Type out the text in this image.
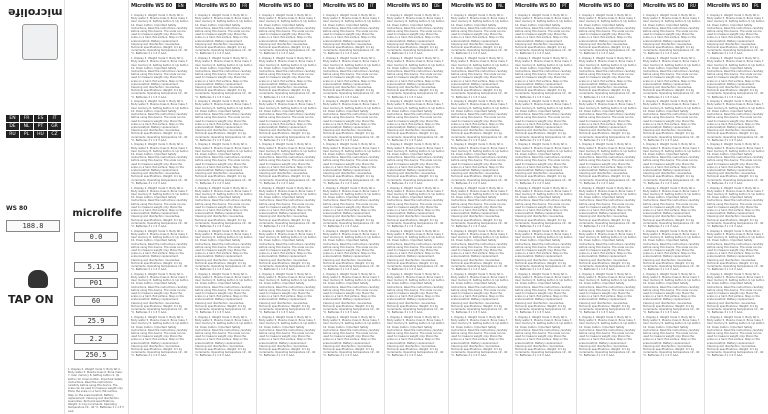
microlife
EN	FR	ES	IT
DE	NL	PT	GR
RU	PL	HU	CZ
WS 80
188.8
TAP ON
microlife
0.0
5.15
P01
60
25.9
2.2
250.5

1. Display 2. Weight mode 3. Body fat 4. Body water 5. Muscle mass 6. Bone mass 7. User memory 8. Setting button 9. Up button 10. Down button. Important Safety Instructions. Read the instructions carefully before using this device. The scale can be used to measure weight only. Place the scale on a hard, flat surface. Step on the scale barefoot. Battery replacement. Cleaning and disinfection. Guarantee. Technical specifications. Weight: 0.1 kg increments. Operating temperature 10 - 40 °C. Batteries 3 x 1.5 V AAA.

Microlife WS 80	EN

1. Display 2. Weight mode 3. Body fat 4. Body water 5. Muscle mass 6. Bone mass 7. User memory 8. Setting button 9. Up button 10. Down button. Important Safety Instructions. Read the instructions carefully before using this device. The scale can be used to measure weight only. Place the scale on a hard, flat surface. Step on the scale barefoot. Battery replacement. Cleaning and disinfection. Guarantee. Technical specifications. Weight: 0.1 kg increments. Operating temperature 10 - 40 °C. Batteries 3 x 1.5 V AAA.

1. Display 2. Weight mode 3. Body fat 4. Body water 5. Muscle mass 6. Bone mass 7. User memory 8. Setting button 9. Up button 10. Down button. Important Safety Instructions. Read the instructions carefully before using this device. The scale can be used to measure weight only. Place the scale on a hard, flat surface. Step on the scale barefoot. Battery replacement. Cleaning and disinfection. Guarantee. Technical specifications. Weight: 0.1 kg increments. Operating temperature 10 - 40 °C. Batteries 3 x 1.5 V AAA.

1. Display 2. Weight mode 3. Body fat 4. Body water 5. Muscle mass 6. Bone mass 7. User memory 8. Setting button 9. Up button 10. Down button. Important Safety Instructions. Read the instructions carefully before using this device. The scale can be used to measure weight only. Place the scale on a hard, flat surface. Step on the scale barefoot. Battery replacement. Cleaning and disinfection. Guarantee. Technical specifications. Weight: 0.1 kg increments. Operating temperature 10 - 40 °C. Batteries 3 x 1.5 V AAA.

1. Display 2. Weight mode 3. Body fat 4. Body water 5. Muscle mass 6. Bone mass 7. User memory 8. Setting button 9. Up button 10. Down button. Important Safety Instructions. Read the instructions carefully before using this device. The scale can be used to measure weight only. Place the scale on a hard, flat surface. Step on the scale barefoot. Battery replacement. Cleaning and disinfection. Guarantee. Technical specifications. Weight: 0.1 kg increments. Operating temperature 10 - 40 °C. Batteries 3 x 1.5 V AAA.

1. Display 2. Weight mode 3. Body fat 4. Body water 5. Muscle mass 6. Bone mass 7. User memory 8. Setting button 9. Up button 10. Down button. Important Safety Instructions. Read the instructions carefully before using this device. The scale can be used to measure weight only. Place the scale on a hard, flat surface. Step on the scale barefoot. Battery replacement. Cleaning and disinfection. Guarantee. Technical specifications. Weight: 0.1 kg increments. Operating temperature 10 - 40 °C. Batteries 3 x 1.5 V AAA.

1. Display 2. Weight mode 3. Body fat 4. Body water 5. Muscle mass 6. Bone mass 7. User memory 8. Setting button 9. Up button 10. Down button. Important Safety Instructions. Read the instructions carefully before using this device. The scale can be used to measure weight only. Place the scale on a hard, flat surface. Step on the scale barefoot. Battery replacement. Cleaning and disinfection. Guarantee. Technical specifications. Weight: 0.1 kg increments. Operating temperature 10 - 40 °C. Batteries 3 x 1.5 V AAA.

1. Display 2. Weight mode 3. Body fat 4. Body water 5. Muscle mass 6. Bone mass 7. User memory 8. Setting button 9. Up button 10. Down button. Important Safety Instructions. Read the instructions carefully before using this device. The scale can be used to measure weight only. Place the scale on a hard, flat surface. Step on the scale barefoot. Battery replacement. Cleaning and disinfection. Guarantee. Technical specifications. Weight: 0.1 kg increments. Operating temperature 10 - 40 °C. Batteries 3 x 1.5 V AAA.

1. Display 2. Weight mode 3. Body fat 4. Body water 5. Muscle mass 6. Bone mass 7. User memory 8. Setting button 9. Up button 10. Down button. Important Safety Instructions. Read the instructions carefully before using this device. The scale can be used to measure weight only. Place the scale on a hard, flat surface. Step on the scale barefoot. Battery replacement. Cleaning and disinfection. Guarantee. Technical specifications. Weight: 0.1 kg increments. Operating temperature 10 - 40 °C. Batteries 3 x 1.5 V AAA.

Microlife WS 80	FR

1. Display 2. Weight mode 3. Body fat 4. Body water 5. Muscle mass 6. Bone mass 7. User memory 8. Setting button 9. Up button 10. Down button. Important Safety Instructions. Read the instructions carefully before using this device. The scale can be used to measure weight only. Place the scale on a hard, flat surface. Step on the scale barefoot. Battery replacement. Cleaning and disinfection. Guarantee. Technical specifications. Weight: 0.1 kg increments. Operating temperature 10 - 40 °C. Batteries 3 x 1.5 V AAA.

1. Display 2. Weight mode 3. Body fat 4. Body water 5. Muscle mass 6. Bone mass 7. User memory 8. Setting button 9. Up button 10. Down button. Important Safety Instructions. Read the instructions carefully before using this device. The scale can be used to measure weight only. Place the scale on a hard, flat surface. Step on the scale barefoot. Battery replacement. Cleaning and disinfection. Guarantee. Technical specifications. Weight: 0.1 kg increments. Operating temperature 10 - 40 °C. Batteries 3 x 1.5 V AAA.

1. Display 2. Weight mode 3. Body fat 4. Body water 5. Muscle mass 6. Bone mass 7. User memory 8. Setting button 9. Up button 10. Down button. Important Safety Instructions. Read the instructions carefully before using this device. The scale can be used to measure weight only. Place the scale on a hard, flat surface. Step on the scale barefoot. Battery replacement. Cleaning and disinfection. Guarantee. Technical specifications. Weight: 0.1 kg increments. Operating temperature 10 - 40 °C. Batteries 3 x 1.5 V AAA.

1. Display 2. Weight mode 3. Body fat 4. Body water 5. Muscle mass 6. Bone mass 7. User memory 8. Setting button 9. Up button 10. Down button. Important Safety Instructions. Read the instructions carefully before using this device. The scale can be used to measure weight only. Place the scale on a hard, flat surface. Step on the scale barefoot. Battery replacement. Cleaning and disinfection. Guarantee. Technical specifications. Weight: 0.1 kg increments. Operating temperature 10 - 40 °C. Batteries 3 x 1.5 V AAA.

1. Display 2. Weight mode 3. Body fat 4. Body water 5. Muscle mass 6. Bone mass 7. User memory 8. Setting button 9. Up button 10. Down button. Important Safety Instructions. Read the instructions carefully before using this device. The scale can be used to measure weight only. Place the scale on a hard, flat surface. Step on the scale barefoot. Battery replacement. Cleaning and disinfection. Guarantee. Technical specifications. Weight: 0.1 kg increments. Operating temperature 10 - 40 °C. Batteries 3 x 1.5 V AAA.

1. Display 2. Weight mode 3. Body fat 4. Body water 5. Muscle mass 6. Bone mass 7. User memory 8. Setting button 9. Up button 10. Down button. Important Safety Instructions. Read the instructions carefully before using this device. The scale can be used to measure weight only. Place the scale on a hard, flat surface. Step on the scale barefoot. Battery replacement. Cleaning and disinfection. Guarantee. Technical specifications. Weight: 0.1 kg increments. Operating temperature 10 - 40 °C. Batteries 3 x 1.5 V AAA.

1. Display 2. Weight mode 3. Body fat 4. Body water 5. Muscle mass 6. Bone mass 7. User memory 8. Setting button 9. Up button 10. Down button. Important Safety Instructions. Read the instructions carefully before using this device. The scale can be used to measure weight only. Place the scale on a hard, flat surface. Step on the scale barefoot. Battery replacement. Cleaning and disinfection. Guarantee. Technical specifications. Weight: 0.1 kg increments. Operating temperature 10 - 40 °C. Batteries 3 x 1.5 V AAA.

1. Display 2. Weight mode 3. Body fat 4. Body water 5. Muscle mass 6. Bone mass 7. User memory 8. Setting button 9. Up button 10. Down button. Important Safety Instructions. Read the instructions carefully before using this device. The scale can be used to measure weight only. Place the scale on a hard, flat surface. Step on the scale barefoot. Battery replacement. Cleaning and disinfection. Guarantee. Technical specifications. Weight: 0.1 kg increments. Operating temperature 10 - 40 °C. Batteries 3 x 1.5 V AAA.

Microlife WS 80	ES

1. Display 2. Weight mode 3. Body fat 4. Body water 5. Muscle mass 6. Bone mass 7. User memory 8. Setting button 9. Up button 10. Down button. Important Safety Instructions. Read the instructions carefully before using this device. The scale can be used to measure weight only. Place the scale on a hard, flat surface. Step on the scale barefoot. Battery replacement. Cleaning and disinfection. Guarantee. Technical specifications. Weight: 0.1 kg increments. Operating temperature 10 - 40 °C. Batteries 3 x 1.5 V AAA.

1. Display 2. Weight mode 3. Body fat 4. Body water 5. Muscle mass 6. Bone mass 7. User memory 8. Setting button 9. Up button 10. Down button. Important Safety Instructions. Read the instructions carefully before using this device. The scale can be used to measure weight only. Place the scale on a hard, flat surface. Step on the scale barefoot. Battery replacement. Cleaning and disinfection. Guarantee. Technical specifications. Weight: 0.1 kg increments. Operating temperature 10 - 40 °C. Batteries 3 x 1.5 V AAA.

1. Display 2. Weight mode 3. Body fat 4. Body water 5. Muscle mass 6. Bone mass 7. User memory 8. Setting button 9. Up button 10. Down button. Important Safety Instructions. Read the instructions carefully before using this device. The scale can be used to measure weight only. Place the scale on a hard, flat surface. Step on the scale barefoot. Battery replacement. Cleaning and disinfection. Guarantee. Technical specifications. Weight: 0.1 kg increments. Operating temperature 10 - 40 °C. Batteries 3 x 1.5 V AAA.

1. Display 2. Weight mode 3. Body fat 4. Body water 5. Muscle mass 6. Bone mass 7. User memory 8. Setting button 9. Up button 10. Down button. Important Safety Instructions. Read the instructions carefully before using this device. The scale can be used to measure weight only. Place the scale on a hard, flat surface. Step on the scale barefoot. Battery replacement. Cleaning and disinfection. Guarantee. Technical specifications. Weight: 0.1 kg increments. Operating temperature 10 - 40 °C. Batteries 3 x 1.5 V AAA.

1. Display 2. Weight mode 3. Body fat 4. Body water 5. Muscle mass 6. Bone mass 7. User memory 8. Setting button 9. Up button 10. Down button. Important Safety Instructions. Read the instructions carefully before using this device. The scale can be used to measure weight only. Place the scale on a hard, flat surface. Step on the scale barefoot. Battery replacement. Cleaning and disinfection. Guarantee. Technical specifications. Weight: 0.1 kg increments. Operating temperature 10 - 40 °C. Batteries 3 x 1.5 V AAA.

1. Display 2. Weight mode 3. Body fat 4. Body water 5. Muscle mass 6. Bone mass 7. User memory 8. Setting button 9. Up button 10. Down button. Important Safety Instructions. Read the instructions carefully before using this device. The scale can be used to measure weight only. Place the scale on a hard, flat surface. Step on the scale barefoot. Battery replacement. Cleaning and disinfection. Guarantee. Technical specifications. Weight: 0.1 kg increments. Operating temperature 10 - 40 °C. Batteries 3 x 1.5 V AAA.

1. Display 2. Weight mode 3. Body fat 4. Body water 5. Muscle mass 6. Bone mass 7. User memory 8. Setting button 9. Up button 10. Down button. Important Safety Instructions. Read the instructions carefully before using this device. The scale can be used to measure weight only. Place the scale on a hard, flat surface. Step on the scale barefoot. Battery replacement. Cleaning and disinfection. Guarantee. Technical specifications. Weight: 0.1 kg increments. Operating temperature 10 - 40 °C. Batteries 3 x 1.5 V AAA.

1. Display 2. Weight mode 3. Body fat 4. Body water 5. Muscle mass 6. Bone mass 7. User memory 8. Setting button 9. Up button 10. Down button. Important Safety Instructions. Read the instructions carefully before using this device. The scale can be used to measure weight only. Place the scale on a hard, flat surface. Step on the scale barefoot. Battery replacement. Cleaning and disinfection. Guarantee. Technical specifications. Weight: 0.1 kg increments. Operating temperature 10 - 40 °C. Batteries 3 x 1.5 V AAA.

Microlife WS 80	IT

1. Display 2. Weight mode 3. Body fat 4. Body water 5. Muscle mass 6. Bone mass 7. User memory 8. Setting button 9. Up button 10. Down button. Important Safety Instructions. Read the instructions carefully before using this device. The scale can be used to measure weight only. Place the scale on a hard, flat surface. Step on the scale barefoot. Battery replacement. Cleaning and disinfection. Guarantee. Technical specifications. Weight: 0.1 kg increments. Operating temperature 10 - 40 °C. Batteries 3 x 1.5 V AAA.

1. Display 2. Weight mode 3. Body fat 4. Body water 5. Muscle mass 6. Bone mass 7. User memory 8. Setting button 9. Up button 10. Down button. Important Safety Instructions. Read the instructions carefully before using this device. The scale can be used to measure weight only. Place the scale on a hard, flat surface. Step on the scale barefoot. Battery replacement. Cleaning and disinfection. Guarantee. Technical specifications. Weight: 0.1 kg increments. Operating temperature 10 - 40 °C. Batteries 3 x 1.5 V AAA.

1. Display 2. Weight mode 3. Body fat 4. Body water 5. Muscle mass 6. Bone mass 7. User memory 8. Setting button 9. Up button 10. Down button. Important Safety Instructions. Read the instructions carefully before using this device. The scale can be used to measure weight only. Place the scale on a hard, flat surface. Step on the scale barefoot. Battery replacement. Cleaning and disinfection. Guarantee. Technical specifications. Weight: 0.1 kg increments. Operating temperature 10 - 40 °C. Batteries 3 x 1.5 V AAA.

1. Display 2. Weight mode 3. Body fat 4. Body water 5. Muscle mass 6. Bone mass 7. User memory 8. Setting button 9. Up button 10. Down button. Important Safety Instructions. Read the instructions carefully before using this device. The scale can be used to measure weight only. Place the scale on a hard, flat surface. Step on the scale barefoot. Battery replacement. Cleaning and disinfection. Guarantee. Technical specifications. Weight: 0.1 kg increments. Operating temperature 10 - 40 °C. Batteries 3 x 1.5 V AAA.

1. Display 2. Weight mode 3. Body fat 4. Body water 5. Muscle mass 6. Bone mass 7. User memory 8. Setting button 9. Up button 10. Down button. Important Safety Instructions. Read the instructions carefully before using this device. The scale can be used to measure weight only. Place the scale on a hard, flat surface. Step on the scale barefoot. Battery replacement. Cleaning and disinfection. Guarantee. Technical specifications. Weight: 0.1 kg increments. Operating temperature 10 - 40 °C. Batteries 3 x 1.5 V AAA.

1. Display 2. Weight mode 3. Body fat 4. Body water 5. Muscle mass 6. Bone mass 7. User memory 8. Setting button 9. Up button 10. Down button. Important Safety Instructions. Read the instructions carefully before using this device. The scale can be used to measure weight only. Place the scale on a hard, flat surface. Step on the scale barefoot. Battery replacement. Cleaning and disinfection. Guarantee. Technical specifications. Weight: 0.1 kg increments. Operating temperature 10 - 40 °C. Batteries 3 x 1.5 V AAA.

1. Display 2. Weight mode 3. Body fat 4. Body water 5. Muscle mass 6. Bone mass 7. User memory 8. Setting button 9. Up button 10. Down button. Important Safety Instructions. Read the instructions carefully before using this device. The scale can be used to measure weight only. Place the scale on a hard, flat surface. Step on the scale barefoot. Battery replacement. Cleaning and disinfection. Guarantee. Technical specifications. Weight: 0.1 kg increments. Operating temperature 10 - 40 °C. Batteries 3 x 1.5 V AAA.

1. Display 2. Weight mode 3. Body fat 4. Body water 5. Muscle mass 6. Bone mass 7. User memory 8. Setting button 9. Up button 10. Down button. Important Safety Instructions. Read the instructions carefully before using this device. The scale can be used to measure weight only. Place the scale on a hard, flat surface. Step on the scale barefoot. Battery replacement. Cleaning and disinfection. Guarantee. Technical specifications. Weight: 0.1 kg increments. Operating temperature 10 - 40 °C. Batteries 3 x 1.5 V AAA.

Microlife WS 80	DE

1. Display 2. Weight mode 3. Body fat 4. Body water 5. Muscle mass 6. Bone mass 7. User memory 8. Setting button 9. Up button 10. Down button. Important Safety Instructions. Read the instructions carefully before using this device. The scale can be used to measure weight only. Place the scale on a hard, flat surface. Step on the scale barefoot. Battery replacement. Cleaning and disinfection. Guarantee. Technical specifications. Weight: 0.1 kg increments. Operating temperature 10 - 40 °C. Batteries 3 x 1.5 V AAA.

1. Display 2. Weight mode 3. Body fat 4. Body water 5. Muscle mass 6. Bone mass 7. User memory 8. Setting button 9. Up button 10. Down button. Important Safety Instructions. Read the instructions carefully before using this device. The scale can be used to measure weight only. Place the scale on a hard, flat surface. Step on the scale barefoot. Battery replacement. Cleaning and disinfection. Guarantee. Technical specifications. Weight: 0.1 kg increments. Operating temperature 10 - 40 °C. Batteries 3 x 1.5 V AAA.

1. Display 2. Weight mode 3. Body fat 4. Body water 5. Muscle mass 6. Bone mass 7. User memory 8. Setting button 9. Up button 10. Down button. Important Safety Instructions. Read the instructions carefully before using this device. The scale can be used to measure weight only. Place the scale on a hard, flat surface. Step on the scale barefoot. Battery replacement. Cleaning and disinfection. Guarantee. Technical specifications. Weight: 0.1 kg increments. Operating temperature 10 - 40 °C. Batteries 3 x 1.5 V AAA.

1. Display 2. Weight mode 3. Body fat 4. Body water 5. Muscle mass 6. Bone mass 7. User memory 8. Setting button 9. Up button 10. Down button. Important Safety Instructions. Read the instructions carefully before using this device. The scale can be used to measure weight only. Place the scale on a hard, flat surface. Step on the scale barefoot. Battery replacement. Cleaning and disinfection. Guarantee. Technical specifications. Weight: 0.1 kg increments. Operating temperature 10 - 40 °C. Batteries 3 x 1.5 V AAA.

1. Display 2. Weight mode 3. Body fat 4. Body water 5. Muscle mass 6. Bone mass 7. User memory 8. Setting button 9. Up button 10. Down button. Important Safety Instructions. Read the instructions carefully before using this device. The scale can be used to measure weight only. Place the scale on a hard, flat surface. Step on the scale barefoot. Battery replacement. Cleaning and disinfection. Guarantee. Technical specifications. Weight: 0.1 kg increments. Operating temperature 10 - 40 °C. Batteries 3 x 1.5 V AAA.

1. Display 2. Weight mode 3. Body fat 4. Body water 5. Muscle mass 6. Bone mass 7. User memory 8. Setting button 9. Up button 10. Down button. Important Safety Instructions. Read the instructions carefully before using this device. The scale can be used to measure weight only. Place the scale on a hard, flat surface. Step on the scale barefoot. Battery replacement. Cleaning and disinfection. Guarantee. Technical specifications. Weight: 0.1 kg increments. Operating temperature 10 - 40 °C. Batteries 3 x 1.5 V AAA.

1. Display 2. Weight mode 3. Body fat 4. Body water 5. Muscle mass 6. Bone mass 7. User memory 8. Setting button 9. Up button 10. Down button. Important Safety Instructions. Read the instructions carefully before using this device. The scale can be used to measure weight only. Place the scale on a hard, flat surface. Step on the scale barefoot. Battery replacement. Cleaning and disinfection. Guarantee. Technical specifications. Weight: 0.1 kg increments. Operating temperature 10 - 40 °C. Batteries 3 x 1.5 V AAA.

1. Display 2. Weight mode 3. Body fat 4. Body water 5. Muscle mass 6. Bone mass 7. User memory 8. Setting button 9. Up button 10. Down button. Important Safety Instructions. Read the instructions carefully before using this device. The scale can be used to measure weight only. Place the scale on a hard, flat surface. Step on the scale barefoot. Battery replacement. Cleaning and disinfection. Guarantee. Technical specifications. Weight: 0.1 kg increments. Operating temperature 10 - 40 °C. Batteries 3 x 1.5 V AAA.

Microlife WS 80	NL

1. Display 2. Weight mode 3. Body fat 4. Body water 5. Muscle mass 6. Bone mass 7. User memory 8. Setting button 9. Up button 10. Down button. Important Safety Instructions. Read the instructions carefully before using this device. The scale can be used to measure weight only. Place the scale on a hard, flat surface. Step on the scale barefoot. Battery replacement. Cleaning and disinfection. Guarantee. Technical specifications. Weight: 0.1 kg increments. Operating temperature 10 - 40 °C. Batteries 3 x 1.5 V AAA.

1. Display 2. Weight mode 3. Body fat 4. Body water 5. Muscle mass 6. Bone mass 7. User memory 8. Setting button 9. Up button 10. Down button. Important Safety Instructions. Read the instructions carefully before using this device. The scale can be used to measure weight only. Place the scale on a hard, flat surface. Step on the scale barefoot. Battery replacement. Cleaning and disinfection. Guarantee. Technical specifications. Weight: 0.1 kg increments. Operating temperature 10 - 40 °C. Batteries 3 x 1.5 V AAA.

1. Display 2. Weight mode 3. Body fat 4. Body water 5. Muscle mass 6. Bone mass 7. User memory 8. Setting button 9. Up button 10. Down button. Important Safety Instructions. Read the instructions carefully before using this device. The scale can be used to measure weight only. Place the scale on a hard, flat surface. Step on the scale barefoot. Battery replacement. Cleaning and disinfection. Guarantee. Technical specifications. Weight: 0.1 kg increments. Operating temperature 10 - 40 °C. Batteries 3 x 1.5 V AAA.

1. Display 2. Weight mode 3. Body fat 4. Body water 5. Muscle mass 6. Bone mass 7. User memory 8. Setting button 9. Up button 10. Down button. Important Safety Instructions. Read the instructions carefully before using this device. The scale can be used to measure weight only. Place the scale on a hard, flat surface. Step on the scale barefoot. Battery replacement. Cleaning and disinfection. Guarantee. Technical specifications. Weight: 0.1 kg increments. Operating temperature 10 - 40 °C. Batteries 3 x 1.5 V AAA.

1. Display 2. Weight mode 3. Body fat 4. Body water 5. Muscle mass 6. Bone mass 7. User memory 8. Setting button 9. Up button 10. Down button. Important Safety Instructions. Read the instructions carefully before using this device. The scale can be used to measure weight only. Place the scale on a hard, flat surface. Step on the scale barefoot. Battery replacement. Cleaning and disinfection. Guarantee. Technical specifications. Weight: 0.1 kg increments. Operating temperature 10 - 40 °C. Batteries 3 x 1.5 V AAA.

1. Display 2. Weight mode 3. Body fat 4. Body water 5. Muscle mass 6. Bone mass 7. User memory 8. Setting button 9. Up button 10. Down button. Important Safety Instructions. Read the instructions carefully before using this device. The scale can be used to measure weight only. Place the scale on a hard, flat surface. Step on the scale barefoot. Battery replacement. Cleaning and disinfection. Guarantee. Technical specifications. Weight: 0.1 kg increments. Operating temperature 10 - 40 °C. Batteries 3 x 1.5 V AAA.

1. Display 2. Weight mode 3. Body fat 4. Body water 5. Muscle mass 6. Bone mass 7. User memory 8. Setting button 9. Up button 10. Down button. Important Safety Instructions. Read the instructions carefully before using this device. The scale can be used to measure weight only. Place the scale on a hard, flat surface. Step on the scale barefoot. Battery replacement. Cleaning and disinfection. Guarantee. Technical specifications. Weight: 0.1 kg increments. Operating temperature 10 - 40 °C. Batteries 3 x 1.5 V AAA.

1. Display 2. Weight mode 3. Body fat 4. Body water 5. Muscle mass 6. Bone mass 7. User memory 8. Setting button 9. Up button 10. Down button. Important Safety Instructions. Read the instructions carefully before using this device. The scale can be used to measure weight only. Place the scale on a hard, flat surface. Step on the scale barefoot. Battery replacement. Cleaning and disinfection. Guarantee. Technical specifications. Weight: 0.1 kg increments. Operating temperature 10 - 40 °C. Batteries 3 x 1.5 V AAA.

Microlife WS 80	PT

1. Display 2. Weight mode 3. Body fat 4. Body water 5. Muscle mass 6. Bone mass 7. User memory 8. Setting button 9. Up button 10. Down button. Important Safety Instructions. Read the instructions carefully before using this device. The scale can be used to measure weight only. Place the scale on a hard, flat surface. Step on the scale barefoot. Battery replacement. Cleaning and disinfection. Guarantee. Technical specifications. Weight: 0.1 kg increments. Operating temperature 10 - 40 °C. Batteries 3 x 1.5 V AAA.

1. Display 2. Weight mode 3. Body fat 4. Body water 5. Muscle mass 6. Bone mass 7. User memory 8. Setting button 9. Up button 10. Down button. Important Safety Instructions. Read the instructions carefully before using this device. The scale can be used to measure weight only. Place the scale on a hard, flat surface. Step on the scale barefoot. Battery replacement. Cleaning and disinfection. Guarantee. Technical specifications. Weight: 0.1 kg increments. Operating temperature 10 - 40 °C. Batteries 3 x 1.5 V AAA.

1. Display 2. Weight mode 3. Body fat 4. Body water 5. Muscle mass 6. Bone mass 7. User memory 8. Setting button 9. Up button 10. Down button. Important Safety Instructions. Read the instructions carefully before using this device. The scale can be used to measure weight only. Place the scale on a hard, flat surface. Step on the scale barefoot. Battery replacement. Cleaning and disinfection. Guarantee. Technical specifications. Weight: 0.1 kg increments. Operating temperature 10 - 40 °C. Batteries 3 x 1.5 V AAA.

1. Display 2. Weight mode 3. Body fat 4. Body water 5. Muscle mass 6. Bone mass 7. User memory 8. Setting button 9. Up button 10. Down button. Important Safety Instructions. Read the instructions carefully before using this device. The scale can be used to measure weight only. Place the scale on a hard, flat surface. Step on the scale barefoot. Battery replacement. Cleaning and disinfection. Guarantee. Technical specifications. Weight: 0.1 kg increments. Operating temperature 10 - 40 °C. Batteries 3 x 1.5 V AAA.

1. Display 2. Weight mode 3. Body fat 4. Body water 5. Muscle mass 6. Bone mass 7. User memory 8. Setting button 9. Up button 10. Down button. Important Safety Instructions. Read the instructions carefully before using this device. The scale can be used to measure weight only. Place the scale on a hard, flat surface. Step on the scale barefoot. Battery replacement. Cleaning and disinfection. Guarantee. Technical specifications. Weight: 0.1 kg increments. Operating temperature 10 - 40 °C. Batteries 3 x 1.5 V AAA.

1. Display 2. Weight mode 3. Body fat 4. Body water 5. Muscle mass 6. Bone mass 7. User memory 8. Setting button 9. Up button 10. Down button. Important Safety Instructions. Read the instructions carefully before using this device. The scale can be used to measure weight only. Place the scale on a hard, flat surface. Step on the scale barefoot. Battery replacement. Cleaning and disinfection. Guarantee. Technical specifications. Weight: 0.1 kg increments. Operating temperature 10 - 40 °C. Batteries 3 x 1.5 V AAA.

1. Display 2. Weight mode 3. Body fat 4. Body water 5. Muscle mass 6. Bone mass 7. User memory 8. Setting button 9. Up button 10. Down button. Important Safety Instructions. Read the instructions carefully before using this device. The scale can be used to measure weight only. Place the scale on a hard, flat surface. Step on the scale barefoot. Battery replacement. Cleaning and disinfection. Guarantee. Technical specifications. Weight: 0.1 kg increments. Operating temperature 10 - 40 °C. Batteries 3 x 1.5 V AAA.

1. Display 2. Weight mode 3. Body fat 4. Body water 5. Muscle mass 6. Bone mass 7. User memory 8. Setting button 9. Up button 10. Down button. Important Safety Instructions. Read the instructions carefully before using this device. The scale can be used to measure weight only. Place the scale on a hard, flat surface. Step on the scale barefoot. Battery replacement. Cleaning and disinfection. Guarantee. Technical specifications. Weight: 0.1 kg increments. Operating temperature 10 - 40 °C. Batteries 3 x 1.5 V AAA.

Microlife WS 80	GR

1. Display 2. Weight mode 3. Body fat 4. Body water 5. Muscle mass 6. Bone mass 7. User memory 8. Setting button 9. Up button 10. Down button. Important Safety Instructions. Read the instructions carefully before using this device. The scale can be used to measure weight only. Place the scale on a hard, flat surface. Step on the scale barefoot. Battery replacement. Cleaning and disinfection. Guarantee. Technical specifications. Weight: 0.1 kg increments. Operating temperature 10 - 40 °C. Batteries 3 x 1.5 V AAA.

1. Display 2. Weight mode 3. Body fat 4. Body water 5. Muscle mass 6. Bone mass 7. User memory 8. Setting button 9. Up button 10. Down button. Important Safety Instructions. Read the instructions carefully before using this device. The scale can be used to measure weight only. Place the scale on a hard, flat surface. Step on the scale barefoot. Battery replacement. Cleaning and disinfection. Guarantee. Technical specifications. Weight: 0.1 kg increments. Operating temperature 10 - 40 °C. Batteries 3 x 1.5 V AAA.

1. Display 2. Weight mode 3. Body fat 4. Body water 5. Muscle mass 6. Bone mass 7. User memory 8. Setting button 9. Up button 10. Down button. Important Safety Instructions. Read the instructions carefully before using this device. The scale can be used to measure weight only. Place the scale on a hard, flat surface. Step on the scale barefoot. Battery replacement. Cleaning and disinfection. Guarantee. Technical specifications. Weight: 0.1 kg increments. Operating temperature 10 - 40 °C. Batteries 3 x 1.5 V AAA.

1. Display 2. Weight mode 3. Body fat 4. Body water 5. Muscle mass 6. Bone mass 7. User memory 8. Setting button 9. Up button 10. Down button. Important Safety Instructions. Read the instructions carefully before using this device. The scale can be used to measure weight only. Place the scale on a hard, flat surface. Step on the scale barefoot. Battery replacement. Cleaning and disinfection. Guarantee. Technical specifications. Weight: 0.1 kg increments. Operating temperature 10 - 40 °C. Batteries 3 x 1.5 V AAA.

1. Display 2. Weight mode 3. Body fat 4. Body water 5. Muscle mass 6. Bone mass 7. User memory 8. Setting button 9. Up button 10. Down button. Important Safety Instructions. Read the instructions carefully before using this device. The scale can be used to measure weight only. Place the scale on a hard, flat surface. Step on the scale barefoot. Battery replacement. Cleaning and disinfection. Guarantee. Technical specifications. Weight: 0.1 kg increments. Operating temperature 10 - 40 °C. Batteries 3 x 1.5 V AAA.

1. Display 2. Weight mode 3. Body fat 4. Body water 5. Muscle mass 6. Bone mass 7. User memory 8. Setting button 9. Up button 10. Down button. Important Safety Instructions. Read the instructions carefully before using this device. The scale can be used to measure weight only. Place the scale on a hard, flat surface. Step on the scale barefoot. Battery replacement. Cleaning and disinfection. Guarantee. Technical specifications. Weight: 0.1 kg increments. Operating temperature 10 - 40 °C. Batteries 3 x 1.5 V AAA.

1. Display 2. Weight mode 3. Body fat 4. Body water 5. Muscle mass 6. Bone mass 7. User memory 8. Setting button 9. Up button 10. Down button. Important Safety Instructions. Read the instructions carefully before using this device. The scale can be used to measure weight only. Place the scale on a hard, flat surface. Step on the scale barefoot. Battery replacement. Cleaning and disinfection. Guarantee. Technical specifications. Weight: 0.1 kg increments. Operating temperature 10 - 40 °C. Batteries 3 x 1.5 V AAA.

1. Display 2. Weight mode 3. Body fat 4. Body water 5. Muscle mass 6. Bone mass 7. User memory 8. Setting button 9. Up button 10. Down button. Important Safety Instructions. Read the instructions carefully before using this device. The scale can be used to measure weight only. Place the scale on a hard, flat surface. Step on the scale barefoot. Battery replacement. Cleaning and disinfection. Guarantee. Technical specifications. Weight: 0.1 kg increments. Operating temperature 10 - 40 °C. Batteries 3 x 1.5 V AAA.

Microlife WS 80	RU

1. Display 2. Weight mode 3. Body fat 4. Body water 5. Muscle mass 6. Bone mass 7. User memory 8. Setting button 9. Up button 10. Down button. Important Safety Instructions. Read the instructions carefully before using this device. The scale can be used to measure weight only. Place the scale on a hard, flat surface. Step on the scale barefoot. Battery replacement. Cleaning and disinfection. Guarantee. Technical specifications. Weight: 0.1 kg increments. Operating temperature 10 - 40 °C. Batteries 3 x 1.5 V AAA.

1. Display 2. Weight mode 3. Body fat 4. Body water 5. Muscle mass 6. Bone mass 7. User memory 8. Setting button 9. Up button 10. Down button. Important Safety Instructions. Read the instructions carefully before using this device. The scale can be used to measure weight only. Place the scale on a hard, flat surface. Step on the scale barefoot. Battery replacement. Cleaning and disinfection. Guarantee. Technical specifications. Weight: 0.1 kg increments. Operating temperature 10 - 40 °C. Batteries 3 x 1.5 V AAA.

1. Display 2. Weight mode 3. Body fat 4. Body water 5. Muscle mass 6. Bone mass 7. User memory 8. Setting button 9. Up button 10. Down button. Important Safety Instructions. Read the instructions carefully before using this device. The scale can be used to measure weight only. Place the scale on a hard, flat surface. Step on the scale barefoot. Battery replacement. Cleaning and disinfection. Guarantee. Technical specifications. Weight: 0.1 kg increments. Operating temperature 10 - 40 °C. Batteries 3 x 1.5 V AAA.

1. Display 2. Weight mode 3. Body fat 4. Body water 5. Muscle mass 6. Bone mass 7. User memory 8. Setting button 9. Up button 10. Down button. Important Safety Instructions. Read the instructions carefully before using this device. The scale can be used to measure weight only. Place the scale on a hard, flat surface. Step on the scale barefoot. Battery replacement. Cleaning and disinfection. Guarantee. Technical specifications. Weight: 0.1 kg increments. Operating temperature 10 - 40 °C. Batteries 3 x 1.5 V AAA.

1. Display 2. Weight mode 3. Body fat 4. Body water 5. Muscle mass 6. Bone mass 7. User memory 8. Setting button 9. Up button 10. Down button. Important Safety Instructions. Read the instructions carefully before using this device. The scale can be used to measure weight only. Place the scale on a hard, flat surface. Step on the scale barefoot. Battery replacement. Cleaning and disinfection. Guarantee. Technical specifications. Weight: 0.1 kg increments. Operating temperature 10 - 40 °C. Batteries 3 x 1.5 V AAA.

1. Display 2. Weight mode 3. Body fat 4. Body water 5. Muscle mass 6. Bone mass 7. User memory 8. Setting button 9. Up button 10. Down button. Important Safety Instructions. Read the instructions carefully before using this device. The scale can be used to measure weight only. Place the scale on a hard, flat surface. Step on the scale barefoot. Battery replacement. Cleaning and disinfection. Guarantee. Technical specifications. Weight: 0.1 kg increments. Operating temperature 10 - 40 °C. Batteries 3 x 1.5 V AAA.

1. Display 2. Weight mode 3. Body fat 4. Body water 5. Muscle mass 6. Bone mass 7. User memory 8. Setting button 9. Up button 10. Down button. Important Safety Instructions. Read the instructions carefully before using this device. The scale can be used to measure weight only. Place the scale on a hard, flat surface. Step on the scale barefoot. Battery replacement. Cleaning and disinfection. Guarantee. Technical specifications. Weight: 0.1 kg increments. Operating temperature 10 - 40 °C. Batteries 3 x 1.5 V AAA.

1. Display 2. Weight mode 3. Body fat 4. Body water 5. Muscle mass 6. Bone mass 7. User memory 8. Setting button 9. Up button 10. Down button. Important Safety Instructions. Read the instructions carefully before using this device. The scale can be used to measure weight only. Place the scale on a hard, flat surface. Step on the scale barefoot. Battery replacement. Cleaning and disinfection. Guarantee. Technical specifications. Weight: 0.1 kg increments. Operating temperature 10 - 40 °C. Batteries 3 x 1.5 V AAA.

Microlife WS 80	PL

1. Display 2. Weight mode 3. Body fat 4. Body water 5. Muscle mass 6. Bone mass 7. User memory 8. Setting button 9. Up button 10. Down button. Important Safety Instructions. Read the instructions carefully before using this device. The scale can be used to measure weight only. Place the scale on a hard, flat surface. Step on the scale barefoot. Battery replacement. Cleaning and disinfection. Guarantee. Technical specifications. Weight: 0.1 kg increments. Operating temperature 10 - 40 °C. Batteries 3 x 1.5 V AAA.

1. Display 2. Weight mode 3. Body fat 4. Body water 5. Muscle mass 6. Bone mass 7. User memory 8. Setting button 9. Up button 10. Down button. Important Safety Instructions. Read the instructions carefully before using this device. The scale can be used to measure weight only. Place the scale on a hard, flat surface. Step on the scale barefoot. Battery replacement. Cleaning and disinfection. Guarantee. Technical specifications. Weight: 0.1 kg increments. Operating temperature 10 - 40 °C. Batteries 3 x 1.5 V AAA.

1. Display 2. Weight mode 3. Body fat 4. Body water 5. Muscle mass 6. Bone mass 7. User memory 8. Setting button 9. Up button 10. Down button. Important Safety Instructions. Read the instructions carefully before using this device. The scale can be used to measure weight only. Place the scale on a hard, flat surface. Step on the scale barefoot. Battery replacement. Cleaning and disinfection. Guarantee. Technical specifications. Weight: 0.1 kg increments. Operating temperature 10 - 40 °C. Batteries 3 x 1.5 V AAA.

1. Display 2. Weight mode 3. Body fat 4. Body water 5. Muscle mass 6. Bone mass 7. User memory 8. Setting button 9. Up button 10. Down button. Important Safety Instructions. Read the instructions carefully before using this device. The scale can be used to measure weight only. Place the scale on a hard, flat surface. Step on the scale barefoot. Battery replacement. Cleaning and disinfection. Guarantee. Technical specifications. Weight: 0.1 kg increments. Operating temperature 10 - 40 °C. Batteries 3 x 1.5 V AAA.

1. Display 2. Weight mode 3. Body fat 4. Body water 5. Muscle mass 6. Bone mass 7. User memory 8. Setting button 9. Up button 10. Down button. Important Safety Instructions. Read the instructions carefully before using this device. The scale can be used to measure weight only. Place the scale on a hard, flat surface. Step on the scale barefoot. Battery replacement. Cleaning and disinfection. Guarantee. Technical specifications. Weight: 0.1 kg increments. Operating temperature 10 - 40 °C. Batteries 3 x 1.5 V AAA.

1. Display 2. Weight mode 3. Body fat 4. Body water 5. Muscle mass 6. Bone mass 7. User memory 8. Setting button 9. Up button 10. Down button. Important Safety Instructions. Read the instructions carefully before using this device. The scale can be used to measure weight only. Place the scale on a hard, flat surface. Step on the scale barefoot. Battery replacement. Cleaning and disinfection. Guarantee. Technical specifications. Weight: 0.1 kg increments. Operating temperature 10 - 40 °C. Batteries 3 x 1.5 V AAA.

1. Display 2. Weight mode 3. Body fat 4. Body water 5. Muscle mass 6. Bone mass 7. User memory 8. Setting button 9. Up button 10. Down button. Important Safety Instructions. Read the instructions carefully before using this device. The scale can be used to measure weight only. Place the scale on a hard, flat surface. Step on the scale barefoot. Battery replacement. Cleaning and disinfection. Guarantee. Technical specifications. Weight: 0.1 kg increments. Operating temperature 10 - 40 °C. Batteries 3 x 1.5 V AAA.

1. Display 2. Weight mode 3. Body fat 4. Body water 5. Muscle mass 6. Bone mass 7. User memory 8. Setting button 9. Up button 10. Down button. Important Safety Instructions. Read the instructions carefully before using this device. The scale can be used to measure weight only. Place the scale on a hard, flat surface. Step on the scale barefoot. Battery replacement. Cleaning and disinfection. Guarantee. Technical specifications. Weight: 0.1 kg increments. Operating temperature 10 - 40 °C. Batteries 3 x 1.5 V AAA.
